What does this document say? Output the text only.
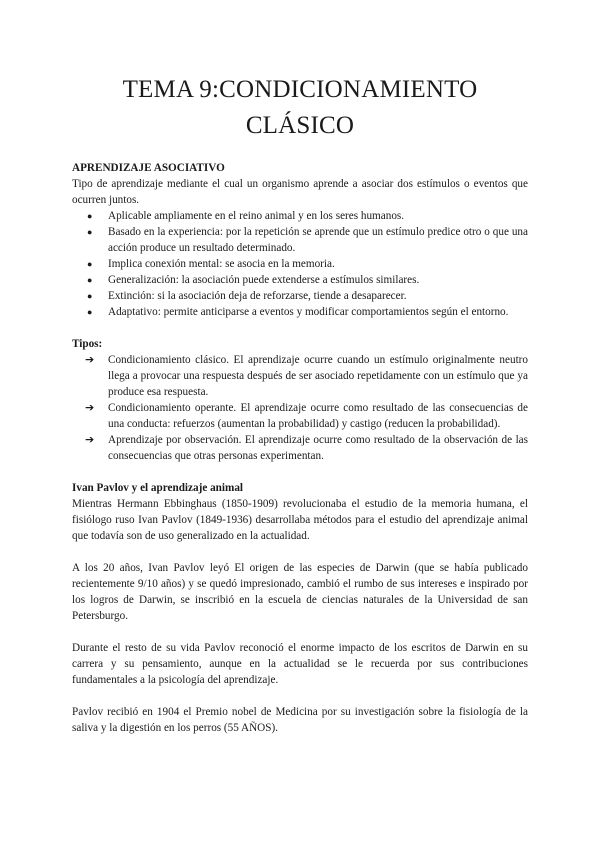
TEMA 9:CONDICIONAMIENTO
CLÁSICO
APRENDIZAJE ASOCIATIVO

Tipo de aprendizaje mediante el cual un organismo aprende a asociar dos estímulos o eventos que ocurren juntos.

● Aplicable ampliamente en el reino animal y en los seres humanos.
● Basado en la experiencia: por la repetición se aprende que un estímulo predice otro o que una acción produce un resultado determinado.
● Implica conexión mental: se asocia en la memoria.
● Generalización: la asociación puede extenderse a estímulos similares.
● Extinción: si la asociación deja de reforzarse, tiende a desaparecer.
● Adaptativo: permite anticiparse a eventos y modificar comportamientos según el entorno.
Tipos:
➔ Condicionamiento clásico. El aprendizaje ocurre cuando un estímulo originalmente neutro llega a provocar una respuesta después de ser asociado repetidamente con un estímulo que ya produce esa respuesta.
➔ Condicionamiento operante. El aprendizaje ocurre como resultado de las consecuencias de una conducta: refuerzos (aumentan la probabilidad) y castigo (reducen la probabilidad).
➔ Aprendizaje por observación. El aprendizaje ocurre como resultado de la observación de las consecuencias que otras personas experimentan.
Ivan Pavlov y el aprendizaje animal

Mientras Hermann Ebbinghaus (1850-1909) revolucionaba el estudio de la memoria humana, el fisiólogo ruso Ivan Pavlov (1849-1936) desarrollaba métodos para el estudio del aprendizaje animal que todavía son de uso generalizado en la actualidad.

A los 20 años, Ivan Pavlov leyó El origen de las especies de Darwin (que se había publicado recientemente 9/10 años) y se quedó impresionado, cambió el rumbo de sus intereses e inspirado por los logros de Darwin, se inscribió en la escuela de ciencias naturales de la Universidad de san Petersburgo.

Durante el resto de su vida Pavlov reconoció el enorme impacto de los escritos de Darwin en su carrera y su pensamiento, aunque en la actualidad se le recuerda por sus contribuciones fundamentales a la psicología del aprendizaje.

Pavlov recibió en 1904 el Premio nobel de Medicina por su investigación sobre la fisiología de la saliva y la digestión en los perros (55 AÑOS).
